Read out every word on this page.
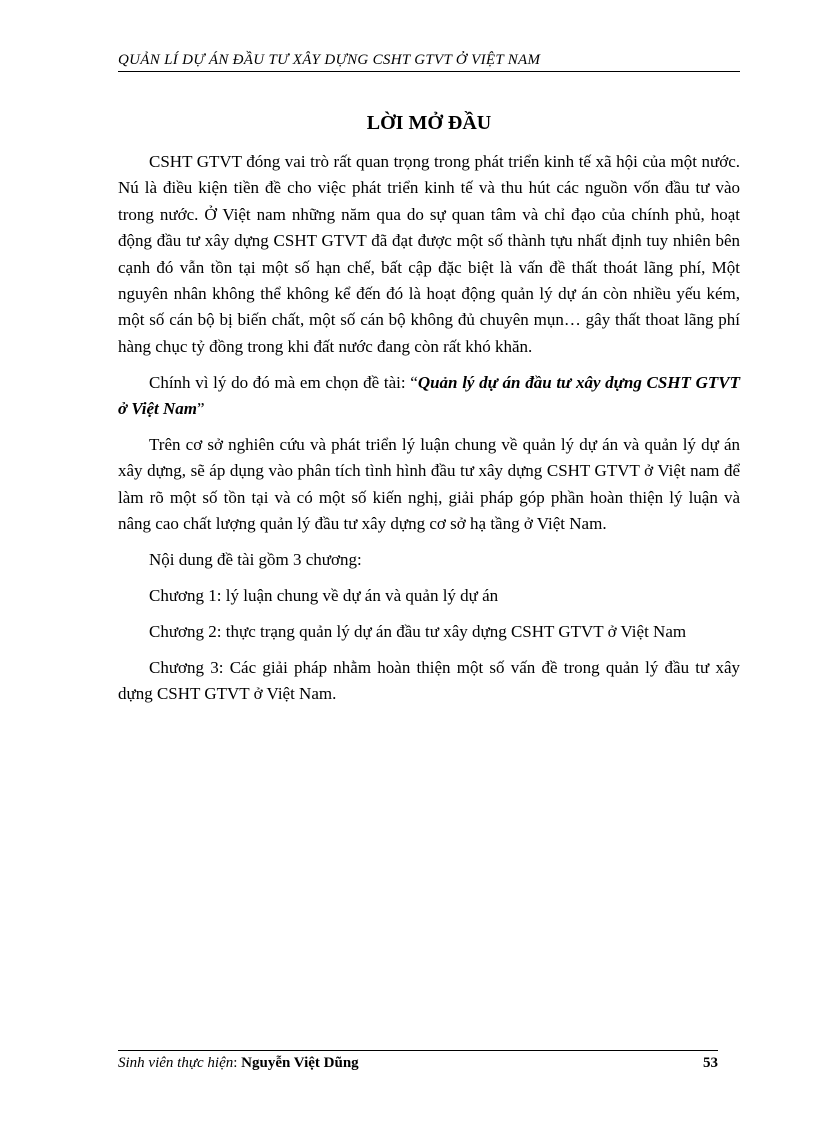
QUẢN LÍ DỰ ÁN ĐẦU TƯ XÂY DỰNG CSHT GTVT Ở VIỆT NAM
LỜI MỞ ĐẦU

CSHT GTVT đóng vai trò rất quan trọng trong phát triển kinh tế xã hội của một nước. Nú là điều kiện tiền đề cho việc phát triển kinh tế và thu hút các nguồn vốn đầu tư vào trong nước. Ở Việt nam những năm qua do sự quan tâm và chỉ đạo của chính phủ, hoạt động đầu tư xây dựng CSHT GTVT đã đạt được một số thành tựu nhất định tuy nhiên bên cạnh đó vẫn tồn tại một số hạn chế, bất cập đặc biệt là vấn đề thất thoát lãng phí, Một nguyên nhân không thể không kể đến đó là hoạt động quản lý dự án còn nhiều yếu kém, một số cán bộ bị biến chất, một số cán bộ không đủ chuyên mụn… gây thất thoat lãng phí hàng chục tỷ đồng trong khi đất nước đang còn rất khó khăn.

Chính vì lý do đó mà em chọn đề tài: “Quản lý dự án đầu tư xây dựng CSHT GTVT ở Việt Nam”

Trên cơ sở nghiên cứu và phát triển lý luận chung về quản lý dự án và quản lý dự án xây dựng, sẽ áp dụng vào phân tích tình hình đầu tư xây dựng CSHT GTVT ở Việt nam để làm rõ một số tồn tại và có một số kiến nghị, giải pháp góp phần hoàn thiện lý luận và nâng cao chất lượng quản lý đầu tư xây dựng cơ sở hạ tầng ở Việt Nam.

Nội dung đề tài gồm 3 chương:

Chương 1: lý luận chung về dự án và quản lý dự án

Chương 2: thực trạng quản lý dự án đầu tư xây dựng CSHT GTVT ở Việt Nam

Chương 3: Các giải pháp nhằm hoàn thiện một số vấn đề trong quản lý đầu tư xây dựng CSHT GTVT ở Việt Nam.

Sinh viên thực hiện: Nguyễn Việt Dũng	53
